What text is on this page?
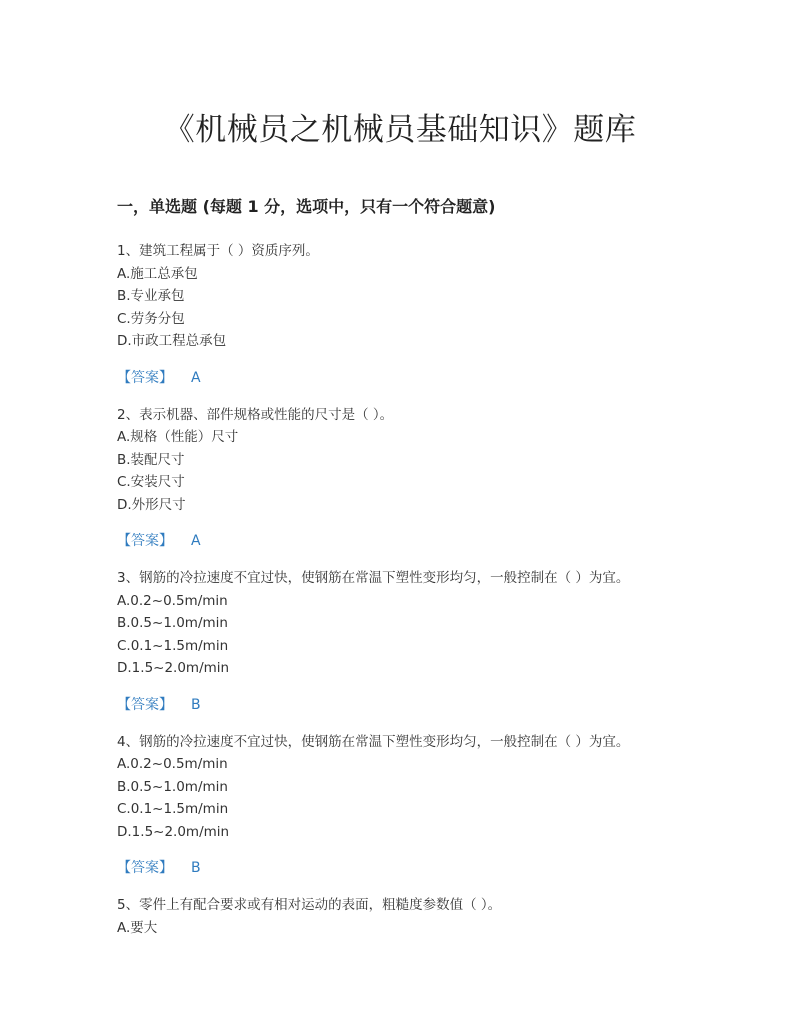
《机械员之机械员基础知识》题库
一，单选题 (每题 1 分，选项中，只有一个符合题意)
1、建筑工程属于（ ）资质序列。
A.施工总承包
B.专业承包
C.劳务分包
D.市政工程总承包
【答案】 A
2、表示机器、部件规格或性能的尺寸是（ ）。
A.规格（性能）尺寸
B.装配尺寸
C.安装尺寸
D.外形尺寸
【答案】 A
3、钢筋的冷拉速度不宜过快，使钢筋在常温下塑性变形均匀，一般控制在（ ）为宜。
A.0.2~0.5m/min
B.0.5~1.0m/min
C.0.1~1.5m/min
D.1.5~2.0m/min
【答案】 B
4、钢筋的冷拉速度不宜过快，使钢筋在常温下塑性变形均匀，一般控制在（ ）为宜。
A.0.2~0.5m/min
B.0.5~1.0m/min
C.0.1~1.5m/min
D.1.5~2.0m/min
【答案】 B
5、零件上有配合要求或有相对运动的表面，粗糙度参数值（ ）。
A.要大
